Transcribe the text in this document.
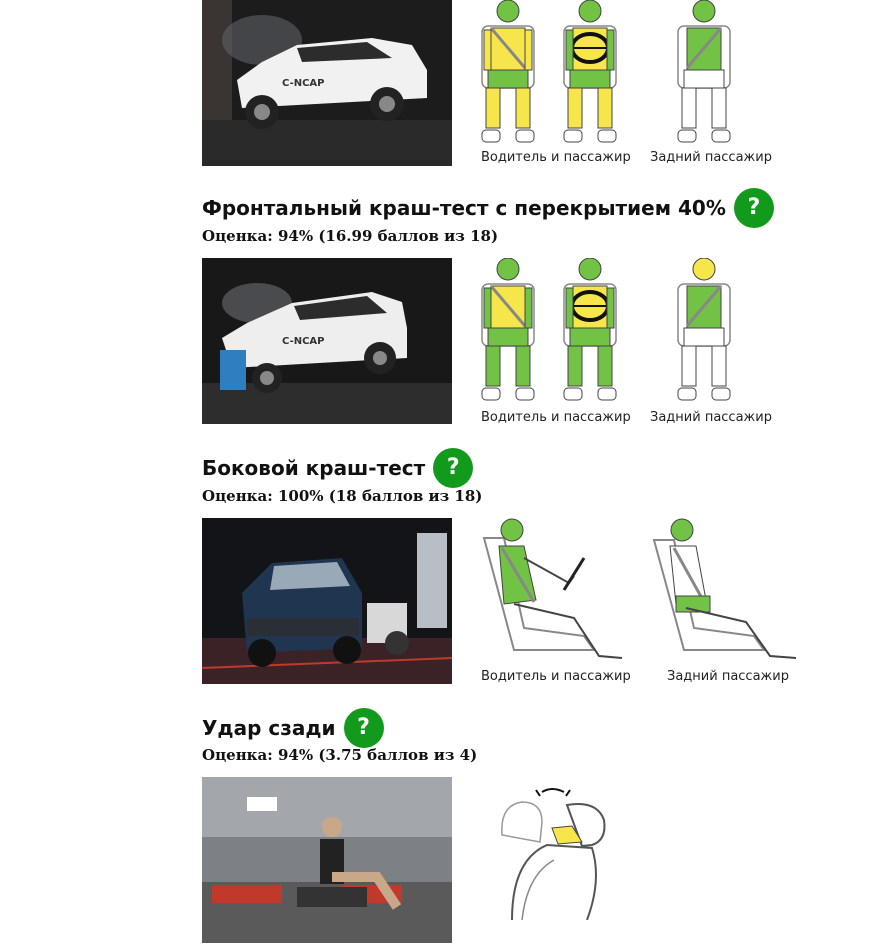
C-NCAP
Водитель и пассажир Задний пассажир
Фронтальный краш-тест с перекрытием 40% ?
Оценка: 94% (16.99 баллов из 18)
C-NCAP
Водитель и пассажир Задний пассажир
Боковой краш-тест ?
Оценка: 100% (18 баллов из 18)
Водитель и пассажир	Задний пассажир
Удар сзади ?
Оценка: 94% (3.75 баллов из 4)
